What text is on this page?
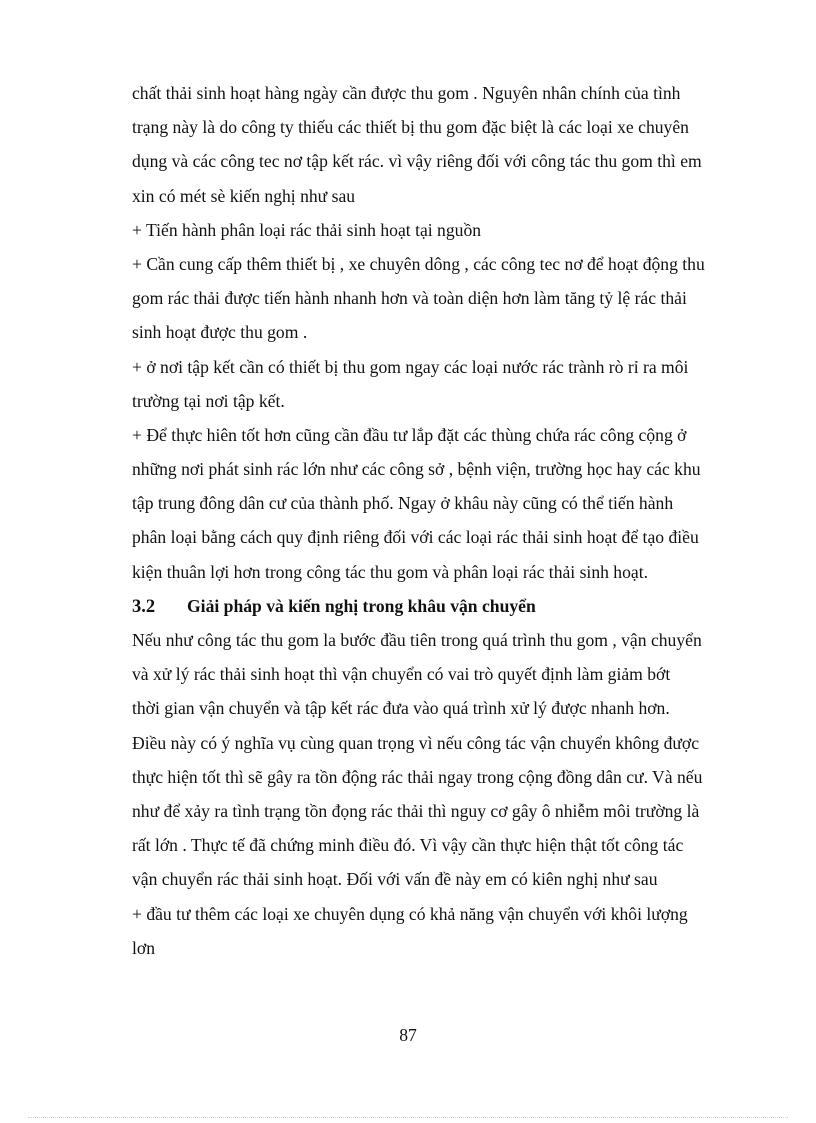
chất thải sinh hoạt hàng ngày cần được thu gom . Nguyên nhân chính của tình
trạng này là do công ty thiếu các thiết bị thu gom đặc biệt là các loại xe chuyên
dụng và các công tec nơ tập kết rác. vì vậy riêng đối với công tác thu gom thì em
xin có mét sè kiến nghị như sau
+ Tiến hành phân loại rác thải sinh hoạt tại nguồn
+ Cần cung cấp thêm thiết bị , xe chuyên dông , các công tec nơ để hoạt động thu
gom rác thải được tiến hành nhanh hơn và toàn diện hơn làm tăng tỷ lệ rác thải
sinh hoạt được thu gom .
+ ở nơi tập kết cần có thiết bị thu gom ngay các loại nước rác trành rò rỉ ra môi
trường tại nơi tập kết.
+ Để thực hiên tốt hơn cũng cần đầu tư lắp đặt các thùng chứa rác công cộng ở
những nơi phát sinh rác lớn như các công sở , bệnh viện, trường học hay các khu
tập trung đông dân cư của thành phố. Ngay ở khâu này cũng có thể tiến hành
phân loại bằng cách quy định riêng đối với các loại rác thải sinh hoạt để tạo điều
kiện thuân lợi hơn trong công tác thu gom và phân loại rác thải sinh hoạt.
3.2	Giải pháp và kiến nghị trong khâu vận chuyển
Nếu như công tác thu gom la bước đầu tiên trong quá trình thu gom , vận chuyển
và xử lý rác thải sinh hoạt thì vận chuyển có vai trò quyết định làm giảm bớt
thời gian vận chuyển và tập kết rác đưa vào quá trình xử lý được nhanh hơn.
Điều này có ý nghĩa vụ cùng quan trọng vì nếu công tác vận chuyển không được
thực hiện tốt thì sẽ gây ra tồn động rác thải ngay trong cộng đồng dân cư. Và nếu
như để xảy ra tình trạng tồn đọng rác thải thì nguy cơ gây ô nhiễm môi trường là
rất lớn . Thực tế đã chứng minh điều đó. Vì vậy cần thực hiện thật tốt công tác
vận chuyển rác thải sinh hoạt. Đối với vấn đề này em có kiên nghị như sau
+ đầu tư thêm các loại xe chuyên dụng có khả năng vận chuyển với khôi lượng
lơn
87
